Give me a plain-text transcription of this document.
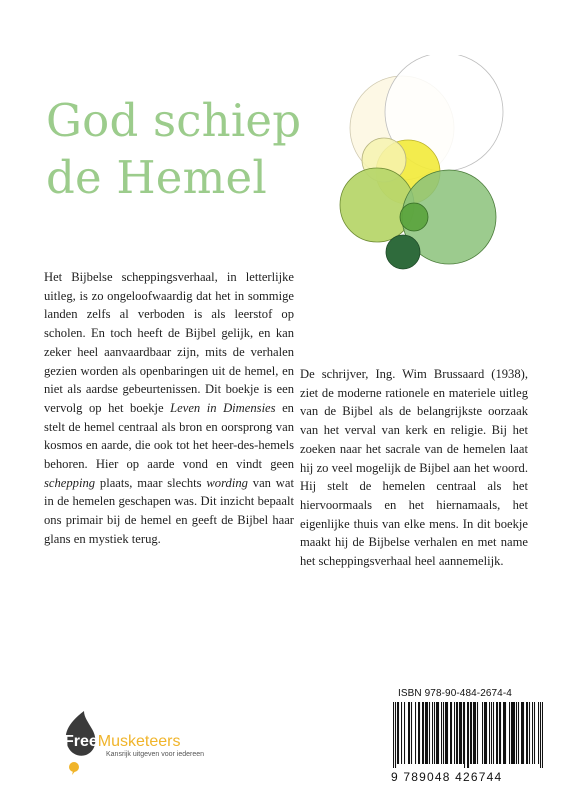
God schiep
de Hemel

Het Bijbelse scheppingsverhaal, in letterlijke uitleg, is zo ongeloofwaardig dat het in sommige landen zelfs al verboden is als leerstof op scholen. En toch heeft de Bijbel gelijk, en kan zeker heel aanvaardbaar zijn, mits de verhalen gezien worden als openbaringen uit de hemel, en niet als aardse gebeurtenissen. Dit boekje is een vervolg op het boekje Leven in Dimensies en stelt de hemel centraal als bron en oorsprong van kosmos en aarde, die ook tot het heer-des-hemels behoren. Hier op aarde vond en vindt geen schepping plaats, maar slechts wording van wat in de hemelen geschapen was. Dit inzicht bepaalt ons primair bij de hemel en geeft de Bijbel haar glans en mystiek terug.

De schrijver, Ing. Wim Brussaard (1938), ziet de moderne rationele en materiele uitleg van de Bijbel als de belangrijkste oorzaak van het verval van kerk en religie. Bij het zoeken naar het sacrale van de hemelen laat hij zo veel mogelijk de Bijbel aan het woord. Hij stelt de hemelen centraal als het hiervoormaals en het hiernamaals, het eigenlijke thuis van elke mens. In dit boekje maakt hij de Bijbelse verhalen en met name het scheppingsverhaal heel aannemelijk.

FreeMusketeers
Kansrijk uitgeven voor iedereen
ISBN 978-90-484-2674-4
9 789048 426744
